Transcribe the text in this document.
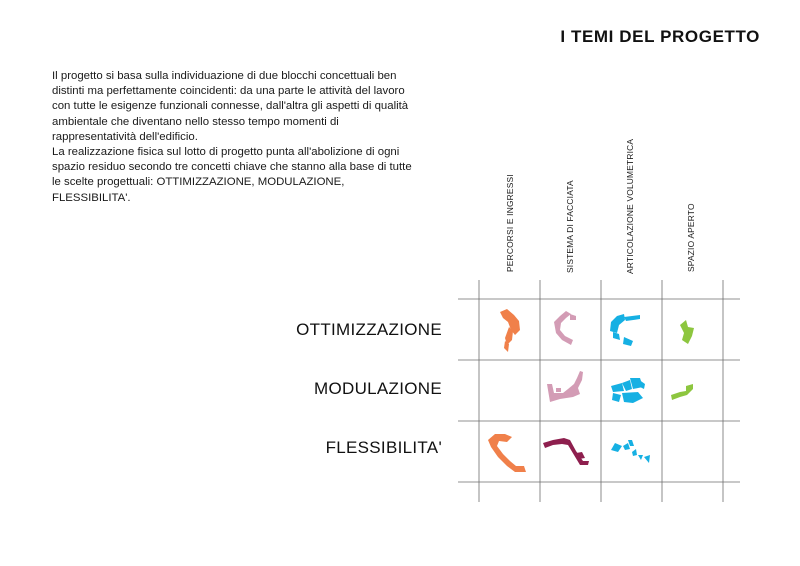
I TEMI DEL PROGETTO

Il progetto si basa sulla individuazione di due blocchi concettuali ben distinti ma perfettamente coincidenti: da una parte le attività del lavoro con tutte le esigenze funzionali connesse, dall'altra gli aspetti di qualità ambientale che diventano nello stesso tempo momenti di rappresentatività dell'edificio.

La realizzazione fisica sul lotto di progetto punta all'abolizione di ogni spazio residuo secondo tre concetti chiave che stanno alla base di tutte le scelte progettuali: OTTIMIZZAZIONE, MODULAZIONE, FLESSIBILITA'.	PERCORSI E INGRESSI	SISTEMA DI FACCIATA	ARTICOLAZIONE VOLUMETRICA	SPAZIO APERTO
OTTIMIZZAZIONE
MODULAZIONE
FLESSIBILITA'
